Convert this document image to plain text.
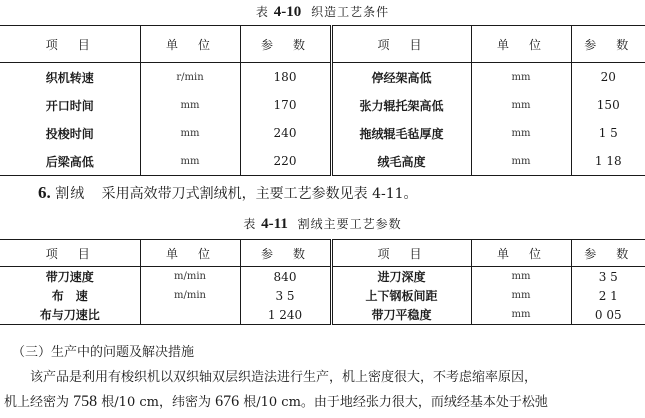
表 4-10 织造工艺条件
项　目	单　位	参　数	项　目	单　位	参　数
织机转速	r/min	180	停经架高低	mm	20
开口时间	mm	170	张力辊托架高低	mm	150
投梭时间	mm	240	拖绒辊毛毡厚度	mm	1 5
后梁高低	mm	220	绒毛高度	mm	1 18
6. 割绒 采用高效带刀式割绒机，主要工艺参数见表 4-11。
表 4-11 割绒主要工艺参数
项　目	单　位	参　数	项　目	单　位	参　数
带刀速度	m/min	840	进刀深度	mm	3 5
布　速	m/min	3 5	上下钢板间距	mm	2 1
布与刀速比		1 240	带刀平稳度	mm	0 05
（三）生产中的问题及解决措施
该产品是利用有梭织机以双织轴双层织造法进行生产，机上密度很大，不考虑缩率原因，
机上经密为 758 根/10 cm，纬密为 676 根/10 cm。由于地经张力很大，而绒经基本处于松弛
